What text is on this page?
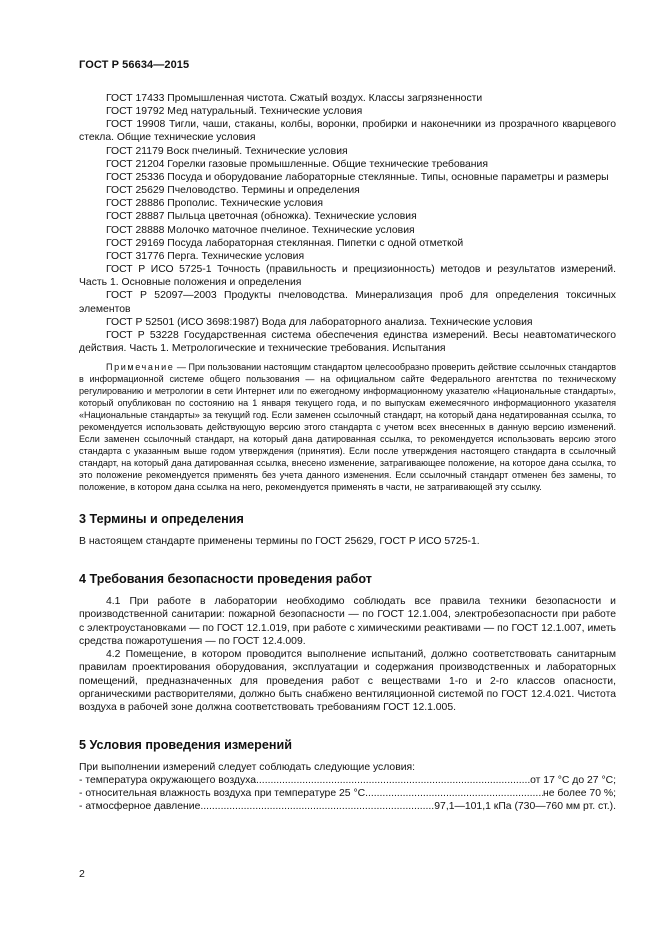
ГОСТ Р 56634—2015
ГОСТ 17433 Промышленная чистота. Сжатый воздух. Классы загрязненности
ГОСТ 19792 Мед натуральный. Технические условия
ГОСТ 19908 Тигли, чаши, стаканы, колбы, воронки, пробирки и наконечники из прозрачного кварцевого стекла. Общие технические условия
ГОСТ 21179 Воск пчелиный. Технические условия
ГОСТ 21204 Горелки газовые промышленные. Общие технические требования
ГОСТ 25336 Посуда и оборудование лабораторные стеклянные. Типы, основные параметры и размеры
ГОСТ 25629 Пчеловодство. Термины и определения
ГОСТ 28886 Прополис. Технические условия
ГОСТ 28887 Пыльца цветочная (обножка). Технические условия
ГОСТ 28888 Молочко маточное пчелиное. Технические условия
ГОСТ 29169 Посуда лабораторная стеклянная. Пипетки с одной отметкой
ГОСТ 31776 Перга. Технические условия
ГОСТ Р ИСО 5725-1 Точность (правильность и прецизионность) методов и результатов измерений. Часть 1. Основные положения и определения
ГОСТ Р 52097—2003 Продукты пчеловодства. Минерализация проб для определения токсичных элементов
ГОСТ Р 52501 (ИСО 3698:1987) Вода для лабораторного анализа. Технические условия
ГОСТ Р 53228 Государственная система обеспечения единства измерений. Весы неавтоматического действия. Часть 1. Метрологические и технические требования. Испытания
Примечание — При пользовании настоящим стандартом целесообразно проверить действие ссылочных стандартов в информационной системе общего пользования — на официальном сайте Федерального агентства по техническому регулированию и метрологии в сети Интернет или по ежегодному информационному указателю «Национальные стандарты», который опубликован по состоянию на 1 января текущего года, и по выпускам ежемесячного информационного указателя «Национальные стандарты» за текущий год. Если заменен ссылочный стандарт, на который дана недатированная ссылка, то рекомендуется использовать действующую версию этого стандарта с учетом всех внесенных в данную версию изменений. Если заменен ссылочный стандарт, на который дана датированная ссылка, то рекомендуется использовать версию этого стандарта с указанным выше годом утверждения (принятия). Если после утверждения настоящего стандарта в ссылочный стандарт, на который дана датированная ссылка, внесено изменение, затрагивающее положение, на которое дана ссылка, то это положение рекомендуется применять без учета данного изменения. Если ссылочный стандарт отменен без замены, то положение, в котором дана ссылка на него, рекомендуется применять в части, не затрагивающей эту ссылку.
3 Термины и определения
В настоящем стандарте применены термины по ГОСТ 25629, ГОСТ Р ИСО 5725-1.
4 Требования безопасности проведения работ
4.1 При работе в лаборатории необходимо соблюдать все правила техники безопасности и производственной санитарии: пожарной безопасности — по ГОСТ 12.1.004, электробезопасности при работе с электроустановками — по ГОСТ 12.1.019, при работе с химическими реактивами — по ГОСТ 12.1.007, иметь средства пожаротушения — по ГОСТ 12.4.009.
4.2 Помещение, в котором проводится выполнение испытаний, должно соответствовать санитарным правилам проектирования оборудования, эксплуатации и содержания производственных и лабораторных помещений, предназначенных для проведения работ с веществами 1-го и 2-го классов опасности, органическими растворителями, должно быть снабжено вентиляционной системой по ГОСТ 12.4.021. Чистота воздуха в рабочей зоне должна соответствовать требованиям ГОСТ 12.1.005.
5 Условия проведения измерений
При выполнении измерений следует соблюдать следующие условия:
- температура окружающего воздуха .....	от 17 °С до 27 °С;
- относительная влажность воздуха при температуре 25 °С .....	не более 70 %;
- атмосферное давление .....	97,1—101,1 кПа (730—760 мм рт. ст.).
2
